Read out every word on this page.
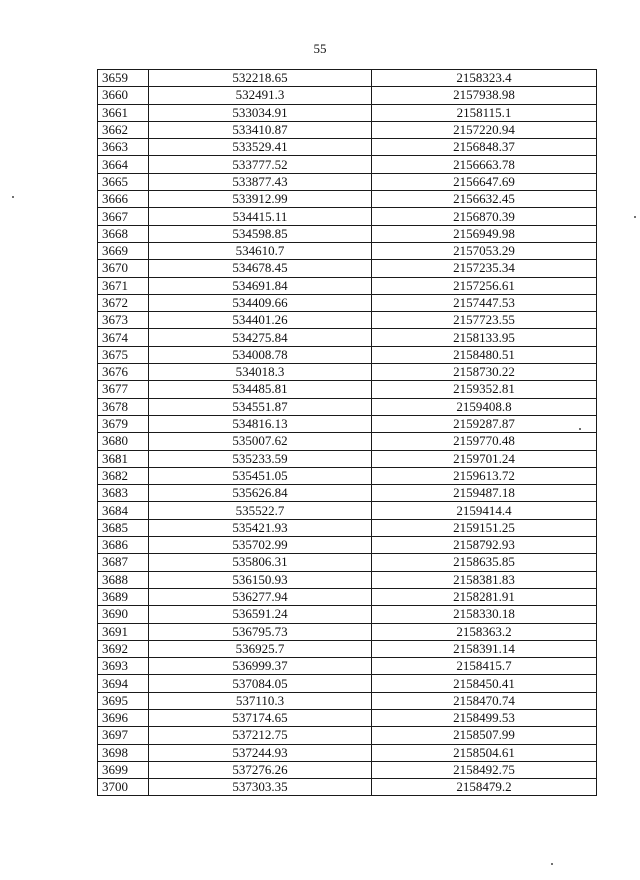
55
3659	532218.65	2158323.4
3660	532491.3	2157938.98
3661	533034.91	2158115.1
3662	533410.87	2157220.94
3663	533529.41	2156848.37
3664	533777.52	2156663.78
3665	533877.43	2156647.69
3666	533912.99	2156632.45
3667	534415.11	2156870.39
3668	534598.85	2156949.98
3669	534610.7	2157053.29
3670	534678.45	2157235.34
3671	534691.84	2157256.61
3672	534409.66	2157447.53
3673	534401.26	2157723.55
3674	534275.84	2158133.95
3675	534008.78	2158480.51
3676	534018.3	2158730.22
3677	534485.81	2159352.81
3678	534551.87	2159408.8
3679	534816.13	2159287.87
3680	535007.62	2159770.48
3681	535233.59	2159701.24
3682	535451.05	2159613.72
3683	535626.84	2159487.18
3684	535522.7	2159414.4
3685	535421.93	2159151.25
3686	535702.99	2158792.93
3687	535806.31	2158635.85
3688	536150.93	2158381.83
3689	536277.94	2158281.91
3690	536591.24	2158330.18
3691	536795.73	2158363.2
3692	536925.7	2158391.14
3693	536999.37	2158415.7
3694	537084.05	2158450.41
3695	537110.3	2158470.74
3696	537174.65	2158499.53
3697	537212.75	2158507.99
3698	537244.93	2158504.61
3699	537276.26	2158492.75
3700	537303.35	2158479.2
